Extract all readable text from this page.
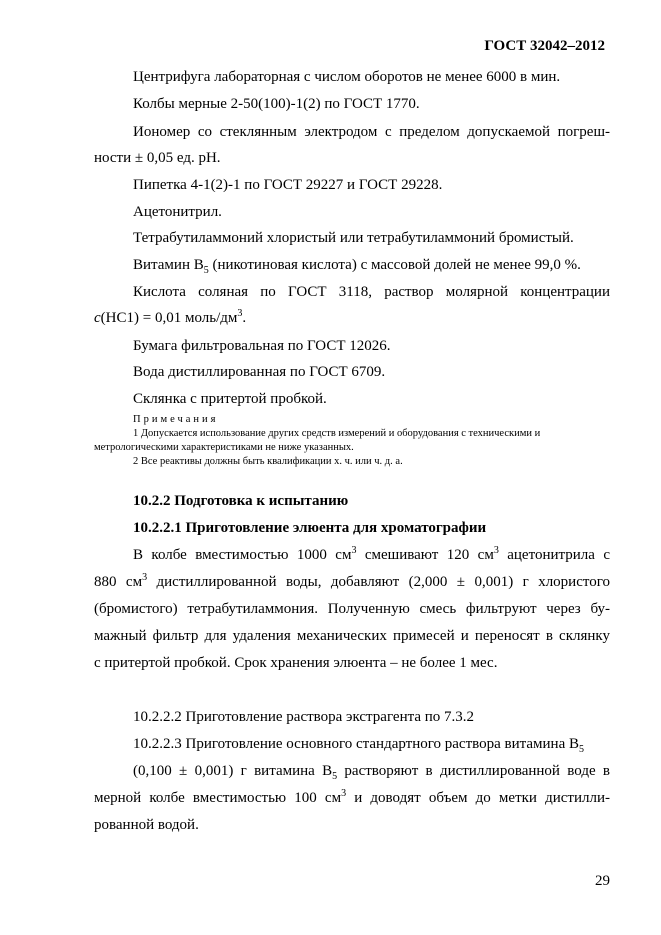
ГОСТ 32042–2012

Центрифуга лабораторная с числом оборотов не менее 6000 в мин.

Колбы мерные 2-50(100)-1(2) по ГОСТ 1770.

Иономер со стеклянным электродом с пределом допускаемой погреш-

ности ± 0,05 ед. pH.

Пипетка 4-1(2)-1 по ГОСТ 29227 и ГОСТ 29228.

Ацетонитрил.

Тетрабутиламмоний хлористый или тетрабутиламмоний бромистый.

Витамин $B_5$ (никотиновая кислота) с массовой долей не менее 99,0 %.

Кислота соляная по ГОСТ 3118, раствор молярной концентрации

c(HC1) = 0,01 моль/$дм^3$.

Бумага фильтровальная по ГОСТ 12026.

Вода дистиллированная по ГОСТ 6709.

Склянка с притертой пробкой.

Примечания
1 Допускается использование других средств измерений и оборудования с техническими и
метрологическими характеристиками не ниже указанных.
2 Все реактивы должны быть квалификации х. ч. или ч. д. а.

10.2.2 Подготовка к испытанию

10.2.2.1 Приготовление элюента для хроматографии

В колбе вместимостью 1000 $см^3$ смешивают 120 $см^3$ ацетонитрила с

880 $см^3$ дистиллированной воды, добавляют (2,000 ± 0,001) г хлористого

(бромистого) тетрабутиламмония. Полученную смесь фильтруют через бу-

мажный фильтр для удаления механических примесей и переносят в склянку

с притертой пробкой. Срок хранения элюента – не более 1 мес.

10.2.2.2 Приготовление раствора экстрагента по 7.3.2

10.2.2.3 Приготовление основного стандартного раствора витамина $B_5$

(0,100 ± 0,001) г витамина $B_5$ растворяют в дистиллированной воде в

мерной колбе вместимостью 100 $см^3$ и доводят объем до метки дистилли-

рованной водой.

29
